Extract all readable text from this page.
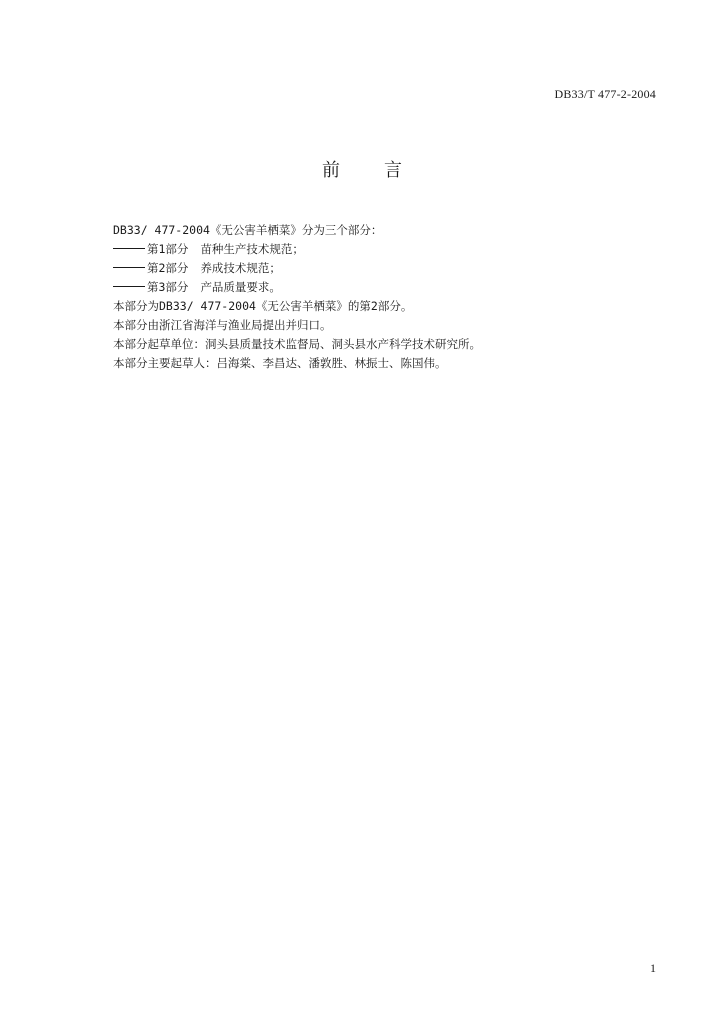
DB33/T 477-2-2004
前 言
DB33/ 477-2004《无公害羊栖菜》分为三个部分：
第1部分 苗种生产技术规范；
第2部分 养成技术规范；
第3部分 产品质量要求。
本部分为DB33/ 477-2004《无公害羊栖菜》的第2部分。
本部分由浙江省海洋与渔业局提出并归口。
本部分起草单位：洞头县质量技术监督局、洞头县水产科学技术研究所。
本部分主要起草人：吕海棠、李昌达、潘敦胜、林振士、陈国伟。
1
